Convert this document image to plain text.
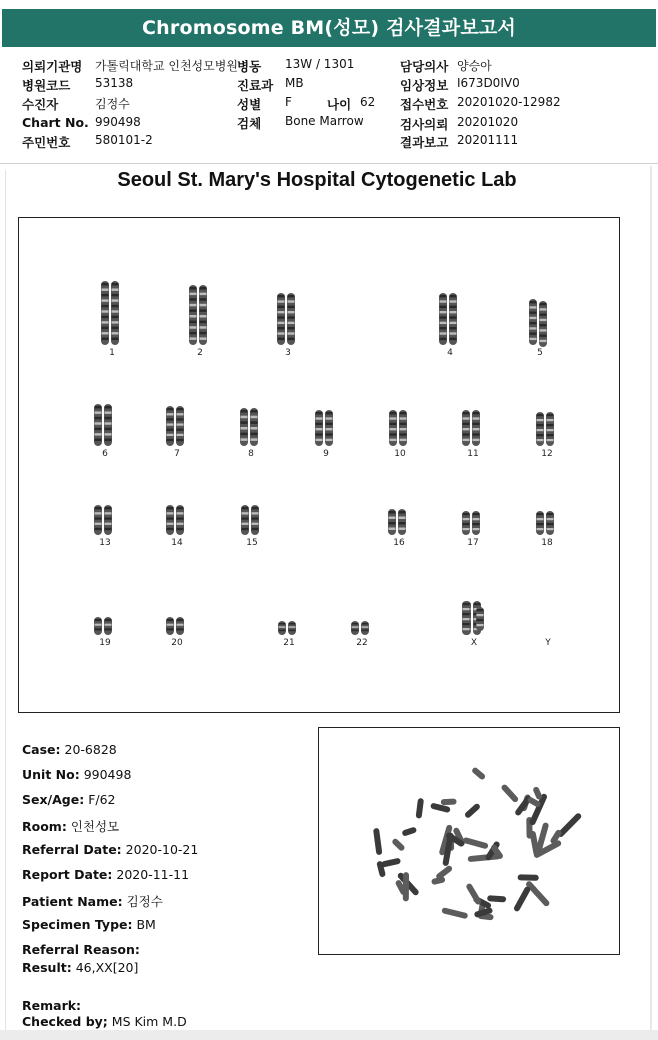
Chromosome BM(성모) 검사결과보고서
의뢰기관명 가톨릭대학교 인천성모병원
병원코드 53138
수진자	김정수
Chart No. 990498
주민번호 580101-2
병동 13W / 1301
진료과 MB
성별 F	나이 62
검체 Bone Marrow
담당의사 양승아
임상정보 I673D0IV0
접수번호 20201020-12982
검사의뢰 20201020
결과보고 20201111
Seoul St. Mary's Hospital Cytogenetic Lab
1	2	3	4	5
6	7	8	9	10	11	12
13	14	15	16	17	18
19	20	21	22	X	Y
Case: 20-6828
Unit No: 990498
Sex/Age: F/62
Room: 인천성모
Referral Date: 2020-10-21
Report Date: 2020-11-11
Patient Name: 김정수
Specimen Type: BM
Referral Reason:
Result: 46,XX[20]
Remark:
Checked by; MS Kim M.D
